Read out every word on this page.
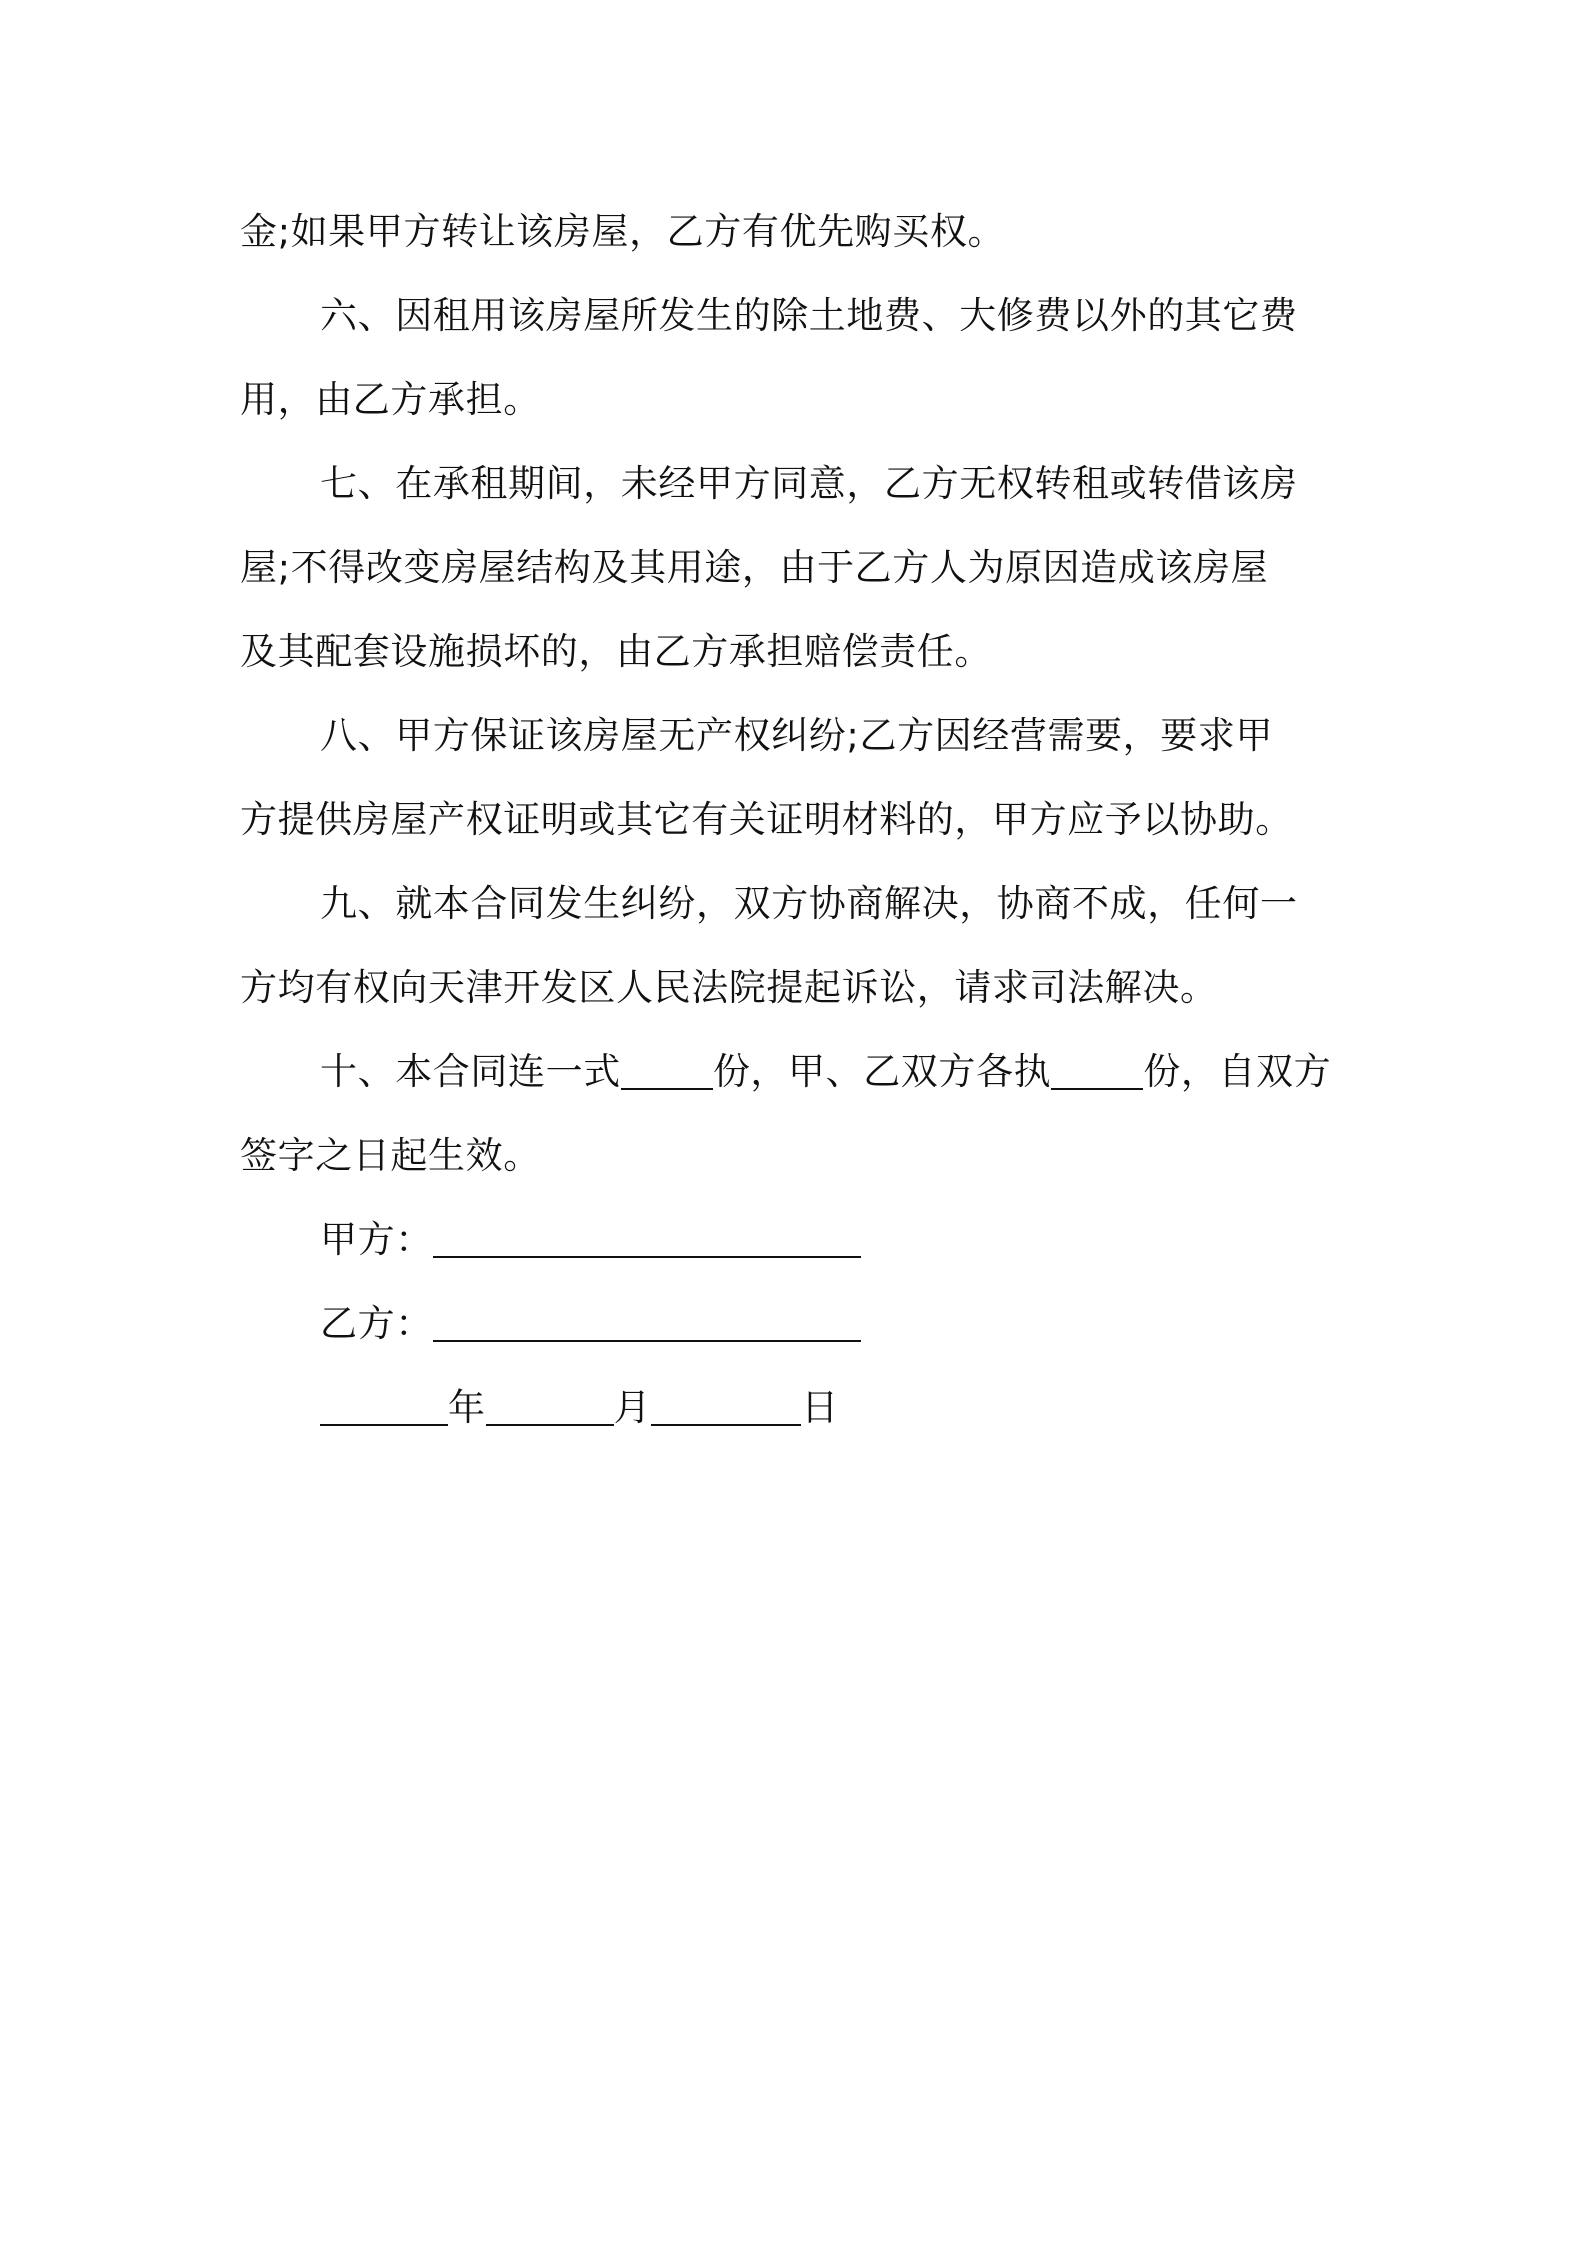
金;如果甲方转让该房屋，乙方有优先购买权。
六、因租用该房屋所发生的除土地费、大修费以外的其它费
用，由乙方承担。
七、在承租期间，未经甲方同意，乙方无权转租或转借该房
屋;不得改变房屋结构及其用途，由于乙方人为原因造成该房屋
及其配套设施损坏的，由乙方承担赔偿责任。
八、甲方保证该房屋无产权纠纷;乙方因经营需要，要求甲
方提供房屋产权证明或其它有关证明材料的，甲方应予以协助。
九、就本合同发生纠纷，双方协商解决，协商不成，任何一
方均有权向天津开发区人民法院提起诉讼，请求司法解决。
十、本合同连一式 份，甲、乙双方各执 份，自双方
签字之日起生效。
甲方：
乙方：
年	月	日
